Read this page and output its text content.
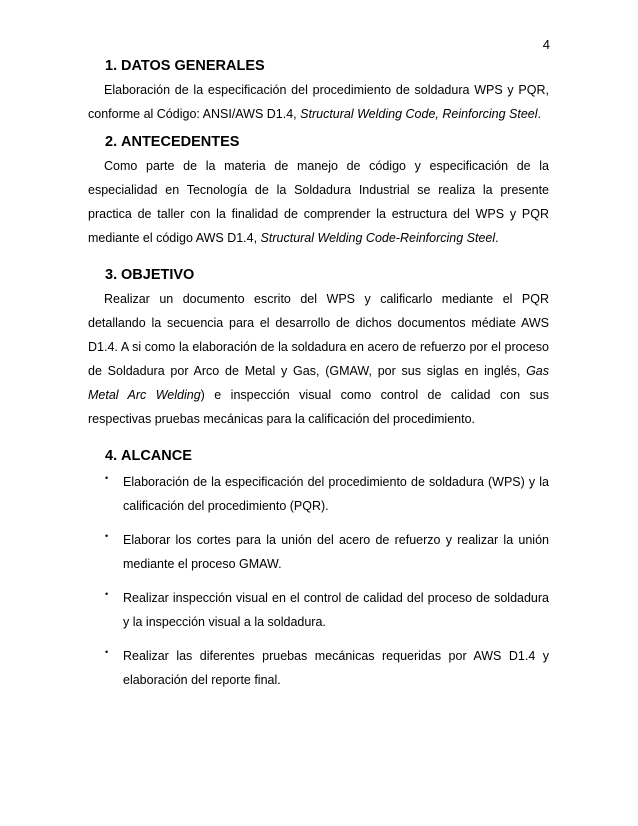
4
1. DATOS GENERALES

Elaboración de la especificación del procedimiento de soldadura WPS y PQR, conforme al Código: ANSI/AWS D1.4, Structural Welding Code, Reinforcing Steel.

2. ANTECEDENTES

Como parte de la materia de manejo de código y especificación de la especialidad en Tecnología de la Soldadura Industrial se realiza la presente practica de taller con la finalidad de comprender la estructura del WPS y PQR mediante el código AWS D1.4, Structural Welding Code-Reinforcing Steel.

3. OBJETIVO

Realizar un documento escrito del WPS y calificarlo mediante el PQR detallando la secuencia para el desarrollo de dichos documentos médiate AWS D1.4. A si como la elaboración de la soldadura en acero de refuerzo por el proceso de Soldadura por Arco de Metal y Gas, (GMAW, por sus siglas en inglés, Gas Metal Arc Welding) e inspección visual como control de calidad con sus respectivas pruebas mecánicas para la calificación del procedimiento.

4. ALCANCE
•	Elaboración de la especificación del procedimiento de soldadura (WPS) y la calificación del procedimiento (PQR).
•	Elaborar los cortes para la unión del acero de refuerzo y realizar la unión mediante el proceso GMAW.
•	Realizar inspección visual en el control de calidad del proceso de soldadura y la inspección visual a la soldadura.
•	Realizar las diferentes pruebas mecánicas requeridas por AWS D1.4 y elaboración del reporte final.
